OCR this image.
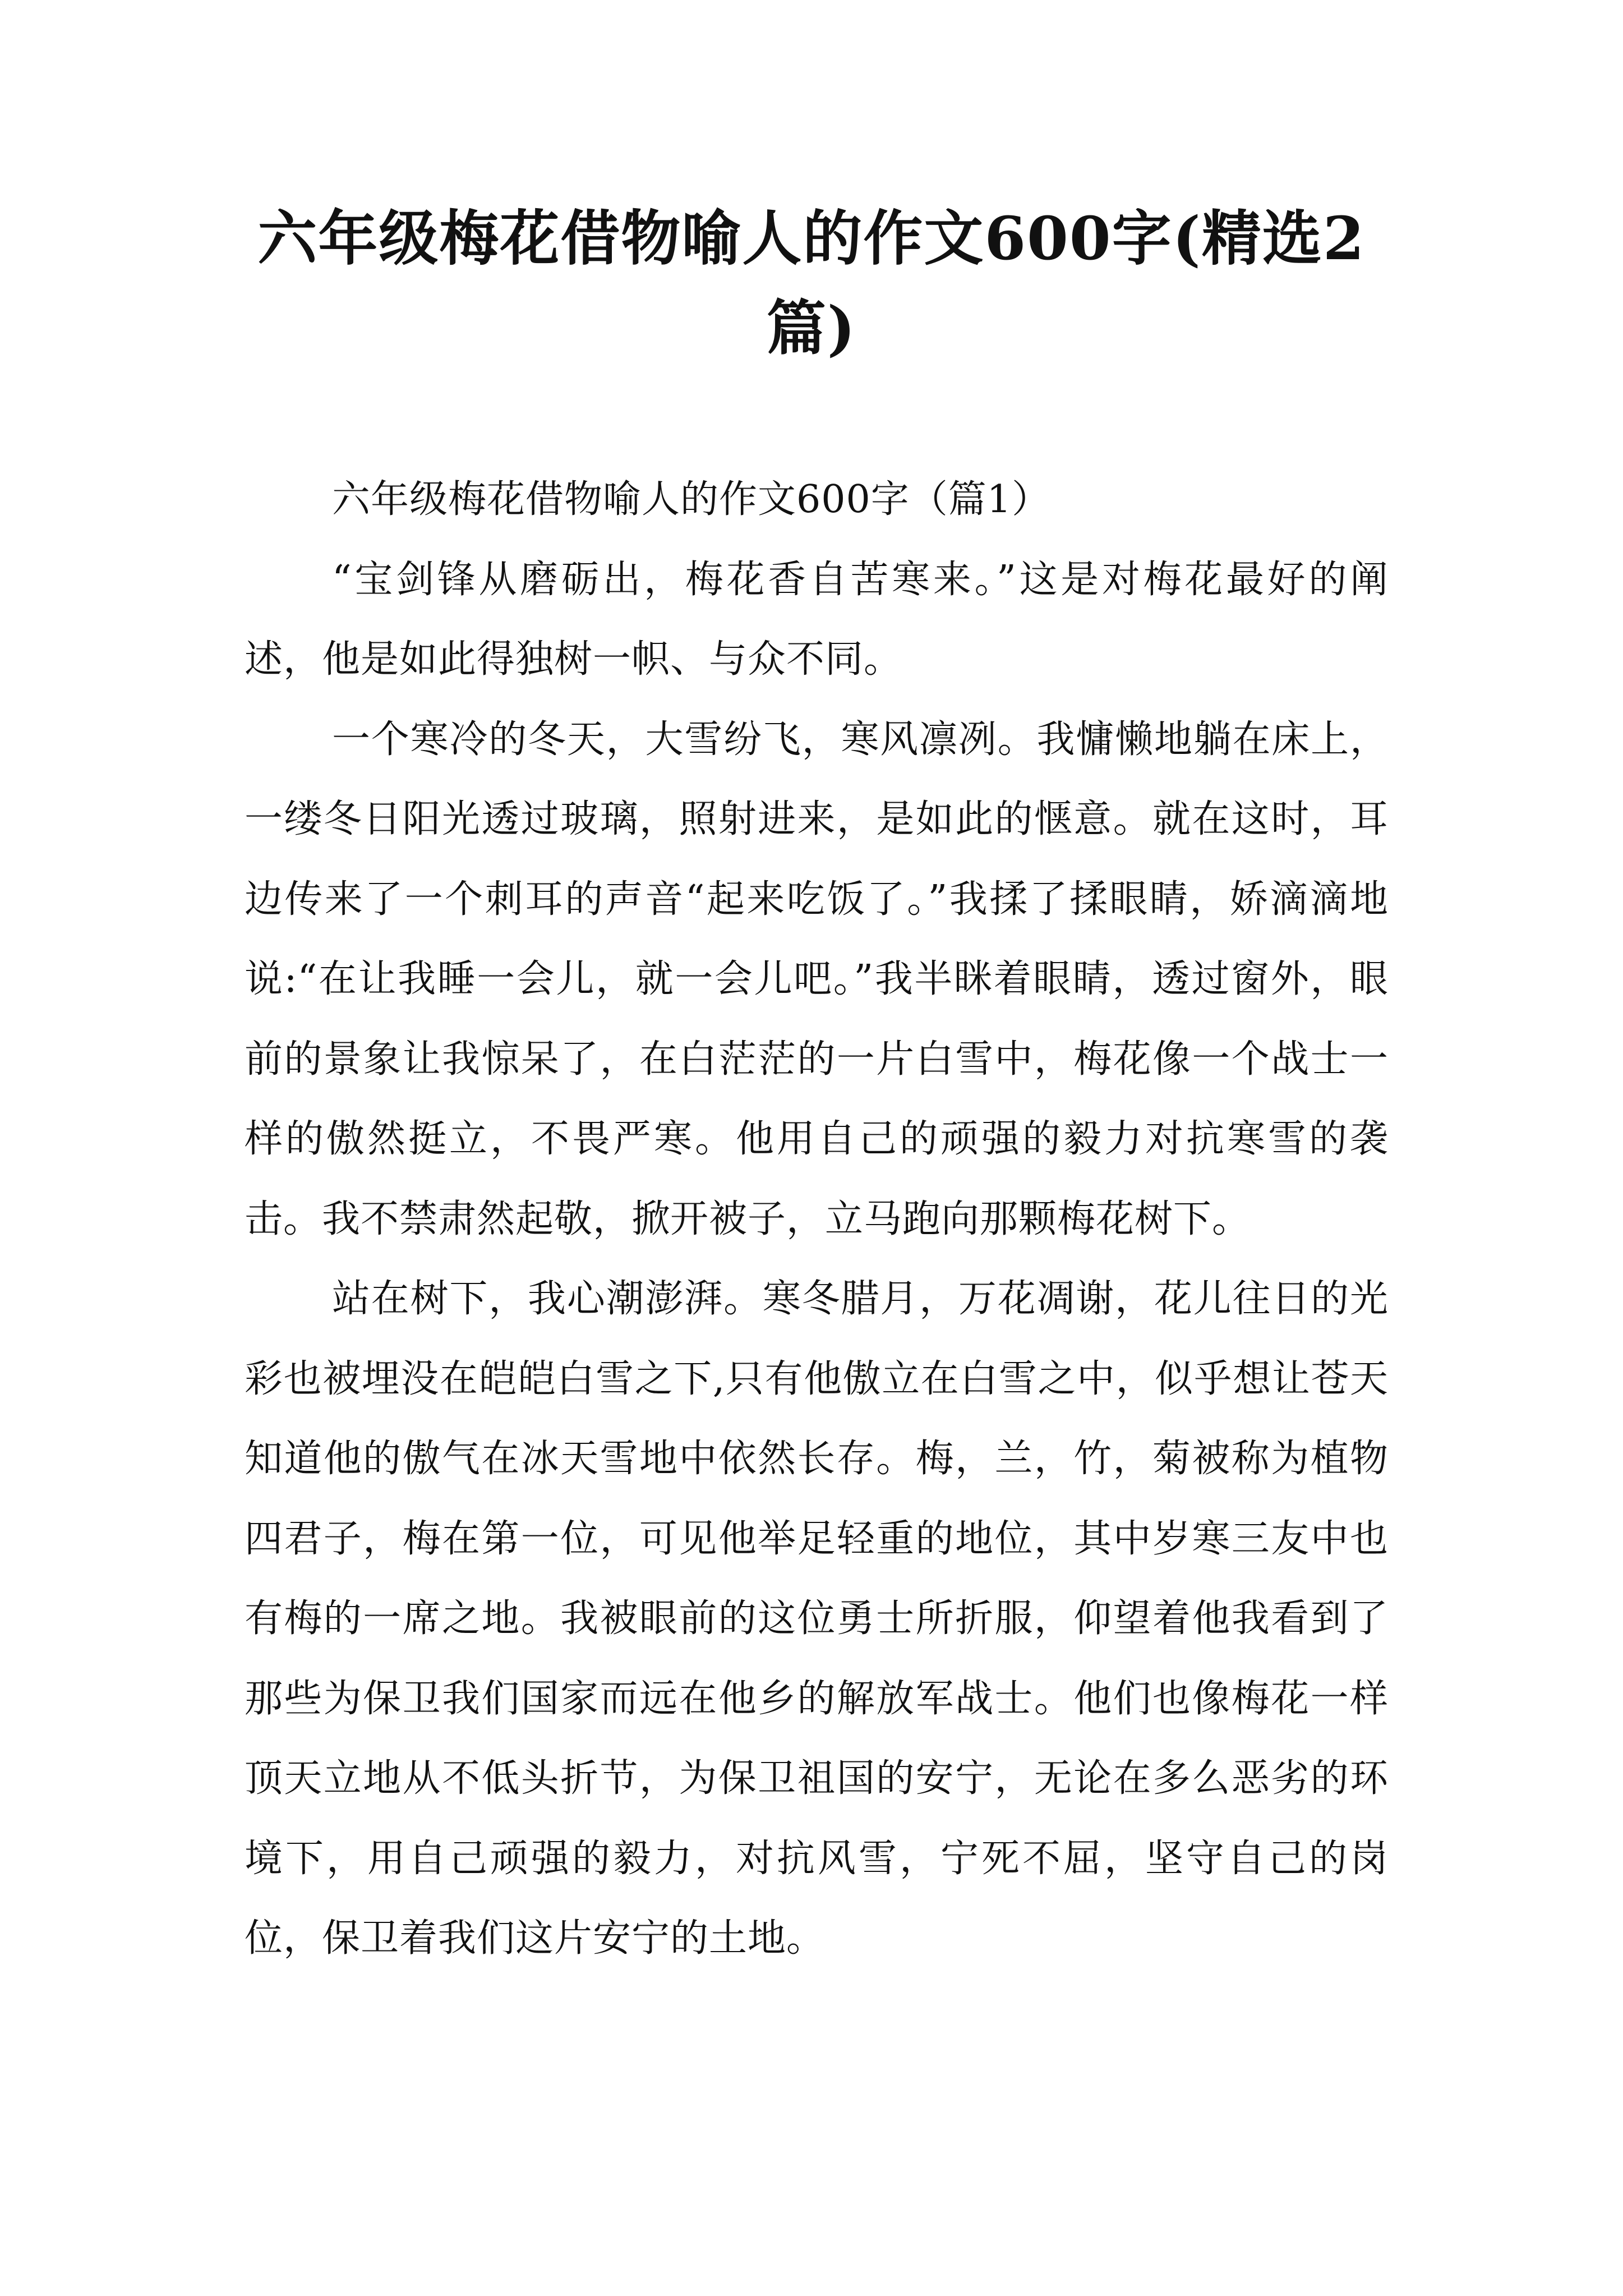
六年级梅花借物喻人的作文600字(精选2篇)

六年级梅花借物喻人的作文600字（篇1）

“宝剑锋从磨砺出，梅花香自苦寒来。”这是对梅花最好的阐述，他是如此得独树一帜、与众不同。

一个寒冷的冬天，大雪纷飞，寒风凛冽。我慵懒地躺在床上，一缕冬日阳光透过玻璃，照射进来，是如此的惬意。就在这时，耳边传来了一个刺耳的声音“起来吃饭了。”我揉了揉眼睛，娇滴滴地说:“在让我睡一会儿，就一会儿吧。”我半眯着眼睛，透过窗外，眼前的景象让我惊呆了，在白茫茫的一片白雪中，梅花像一个战士一样的傲然挺立，不畏严寒。他用自己的顽强的毅力对抗寒雪的袭击。我不禁肃然起敬，掀开被子，立马跑向那颗梅花树下。

站在树下，我心潮澎湃。寒冬腊月，万花凋谢，花儿往日的光彩也被埋没在皑皑白雪之下,只有他傲立在白雪之中，似乎想让苍天知道他的傲气在冰天雪地中依然长存。梅，兰，竹，菊被称为植物四君子，梅在第一位，可见他举足轻重的地位，其中岁寒三友中也有梅的一席之地。我被眼前的这位勇士所折服，仰望着他我看到了那些为保卫我们国家而远在他乡的解放军战士。他们也像梅花一样顶天立地从不低头折节，为保卫祖国的安宁，无论在多么恶劣的环境下，用自己顽强的毅力，对抗风雪，宁死不屈，坚守自己的岗位，保卫着我们这片安宁的土地。
